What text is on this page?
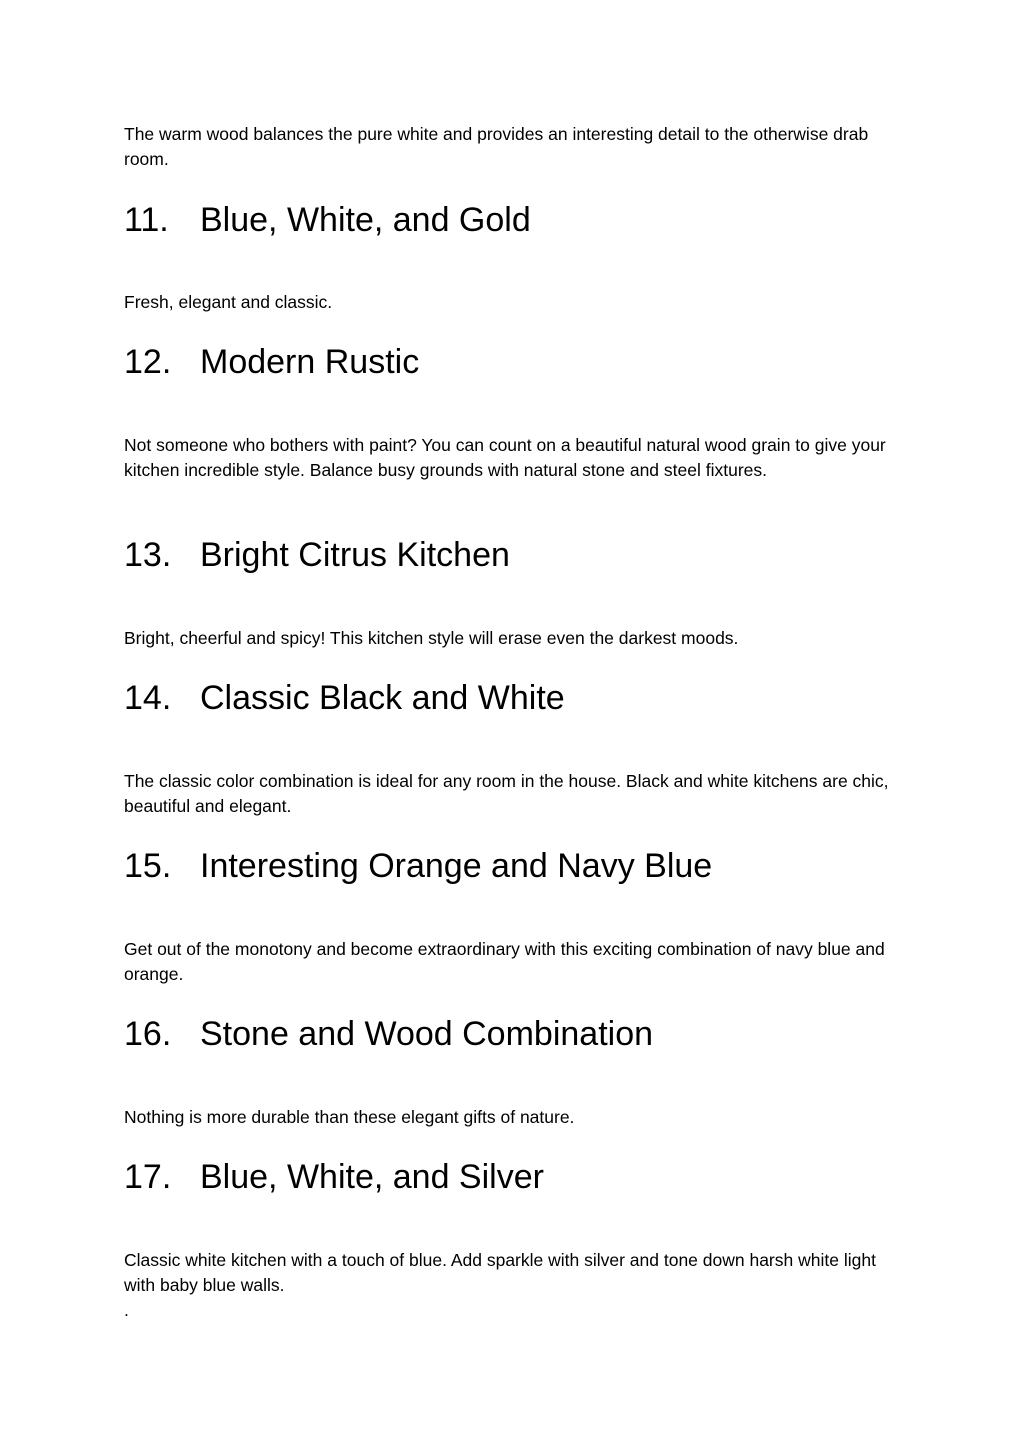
The warm wood balances the pure white and provides an interesting detail to the otherwise drab room.

11. Blue, White, and Gold

Fresh, elegant and classic.

12. Modern Rustic

Not someone who bothers with paint? You can count on a beautiful natural wood grain to give your kitchen incredible style. Balance busy grounds with natural stone and steel fixtures.

13. Bright Citrus Kitchen

Bright, cheerful and spicy! This kitchen style will erase even the darkest moods.

14. Classic Black and White

The classic color combination is ideal for any room in the house. Black and white kitchens are chic, beautiful and elegant.

15. Interesting Orange and Navy Blue

Get out of the monotony and become extraordinary with this exciting combination of navy blue and orange.

16. Stone and Wood Combination

Nothing is more durable than these elegant gifts of nature.

17. Blue, White, and Silver

Classic white kitchen with a touch of blue. Add sparkle with silver and tone down harsh white light with baby blue walls.

.
